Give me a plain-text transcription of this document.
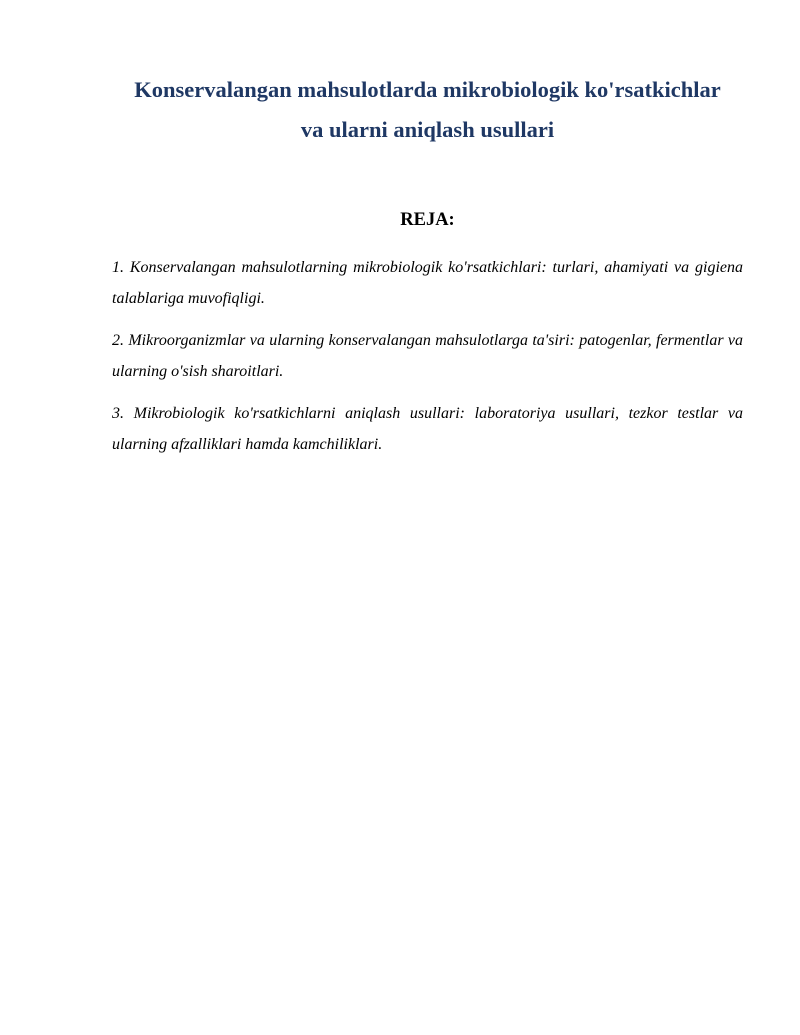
Konservalangan mahsulotlarda mikrobiologik ko'rsatkichlar
va ularni aniqlash usullari
REJA:
1. Konservalangan mahsulotlarning mikrobiologik ko'rsatkichlari: turlari, ahamiyati va gigiena talablariga muvofiqligi.
2. Mikroorganizmlar va ularning konservalangan mahsulotlarga ta'siri: patogenlar, fermentlar va ularning o'sish sharoitlari.
3. Mikrobiologik ko'rsatkichlarni aniqlash usullari: laboratoriya usullari, tezkor testlar va ularning afzalliklari hamda kamchiliklari.
